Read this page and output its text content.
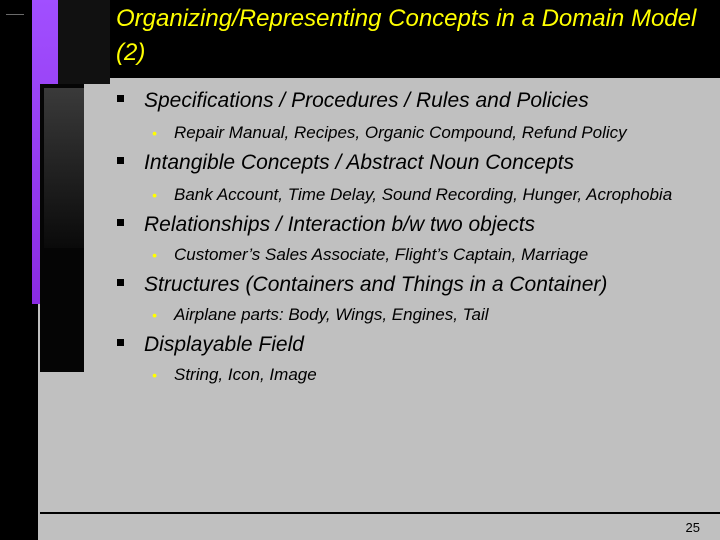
Organizing/Representing Concepts in a Domain Model (2)
Specifications / Procedures / Rules and Policies
• Repair Manual, Recipes, Organic Compound, Refund Policy
Intangible Concepts / Abstract Noun Concepts
• Bank Account, Time Delay, Sound Recording, Hunger, Acrophobia
Relationships / Interaction b/w two objects
• Customer’s Sales Associate, Flight’s Captain, Marriage
Structures (Containers and Things in a Container)
• Airplane parts: Body, Wings, Engines, Tail
Displayable Field
• String, Icon, Image
25
